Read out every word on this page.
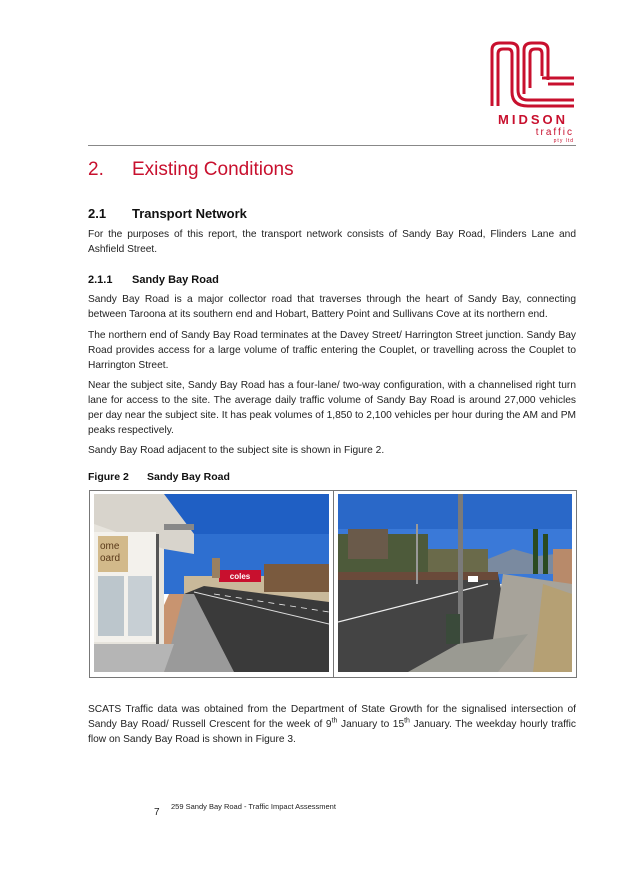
MIDSON
traffic
pty ltd
2. Existing Conditions
2.1 Transport Network
For the purposes of this report, the transport network consists of Sandy Bay Road, Flinders Lane and Ashfield Street.
2.1.1 Sandy Bay Road
Sandy Bay Road is a major collector road that traverses through the heart of Sandy Bay, connecting between Taroona at its southern end and Hobart, Battery Point and Sullivans Cove at its northern end.
The northern end of Sandy Bay Road terminates at the Davey Street/ Harrington Street junction. Sandy Bay Road provides access for a large volume of traffic entering the Couplet, or travelling across the Couplet to Harrington Street.
Near the subject site, Sandy Bay Road has a four-lane/ two-way configuration, with a channelised right turn lane for access to the site. The average daily traffic volume of Sandy Bay Road is around 27,000 vehicles per day near the subject site. It has peak volumes of 1,850 to 2,100 vehicles per hour during the AM and PM peaks respectively.
Sandy Bay Road adjacent to the subject site is shown in Figure 2.
Figure 2 Sandy Bay Road
coles
ome
oard
SCATS Traffic data was obtained from the Department of State Growth for the signalised intersection of Sandy Bay Road/ Russell Crescent for the week of 9th January to 15th January. The weekday hourly traffic flow on Sandy Bay Road is shown in Figure 3.
259 Sandy Bay Road - Traffic Impact Assessment
7
